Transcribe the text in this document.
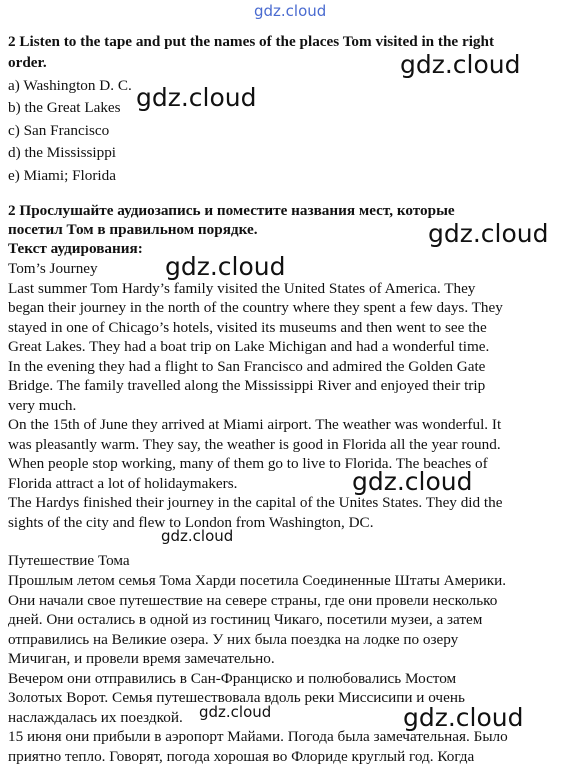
2 Listen to the tape and put the names of the places Tom visited in the right
order.
a) Washington D. C.
b) the Great Lakes
c) San Francisco
d) the Mississippi
e) Miami; Florida
2 Прослушайте аудиозапись и поместите названия мест, которые
посетил Том в правильном порядке.
Текст аудирования:
Tom’s Journey
Last summer Tom Hardy’s family visited the United States of America. They
began their journey in the north of the country where they spent a few days. They
stayed in one of Chicago’s hotels, visited its museums and then went to see the
Great Lakes. They had a boat trip on Lake Michigan and had a wonderful time.
In the evening they had a flight to San Francisco and admired the Golden Gate
Bridge. The family travelled along the Mississippi River and enjoyed their trip
very much.
On the 15th of June they arrived at Miami airport. The weather was wonderful. It
was pleasantly warm. They say, the weather is good in Florida all the year round.
When people stop working, many of them go to live to Florida. The beaches of
Florida attract a lot of holidaymakers.
The Hardys finished their journey in the capital of the Unites States. They did the
sights of the city and flew to London from Washington, DC.
Путешествие Тома
Прошлым летом семья Тома Харди посетила Соединенные Штаты Америки.
Они начали свое путешествие на севере страны, где они провели несколько
дней. Они остались в одной из гостиниц Чикаго, посетили музеи, а затем
отправились на Великие озера. У них была поездка на лодке по озеру
Мичиган, и провели время замечательно.
Вечером они отправились в Сан-Франциско и полюбовались Мостом
Золотых Ворот. Семья путешествовала вдоль реки Миссисипи и очень
наслаждалась их поездкой.
15 июня они прибыли в аэропорт Майами. Погода была замечательная. Было
приятно тепло. Говорят, погода хорошая во Флориде круглый год. Когда
gdz.cloud
gdz.cloud
gdz.cloud
gdz.cloud
gdz.cloud
gdz.cloud
gdz.cloud
gdz.cloud	gdz.cloud
